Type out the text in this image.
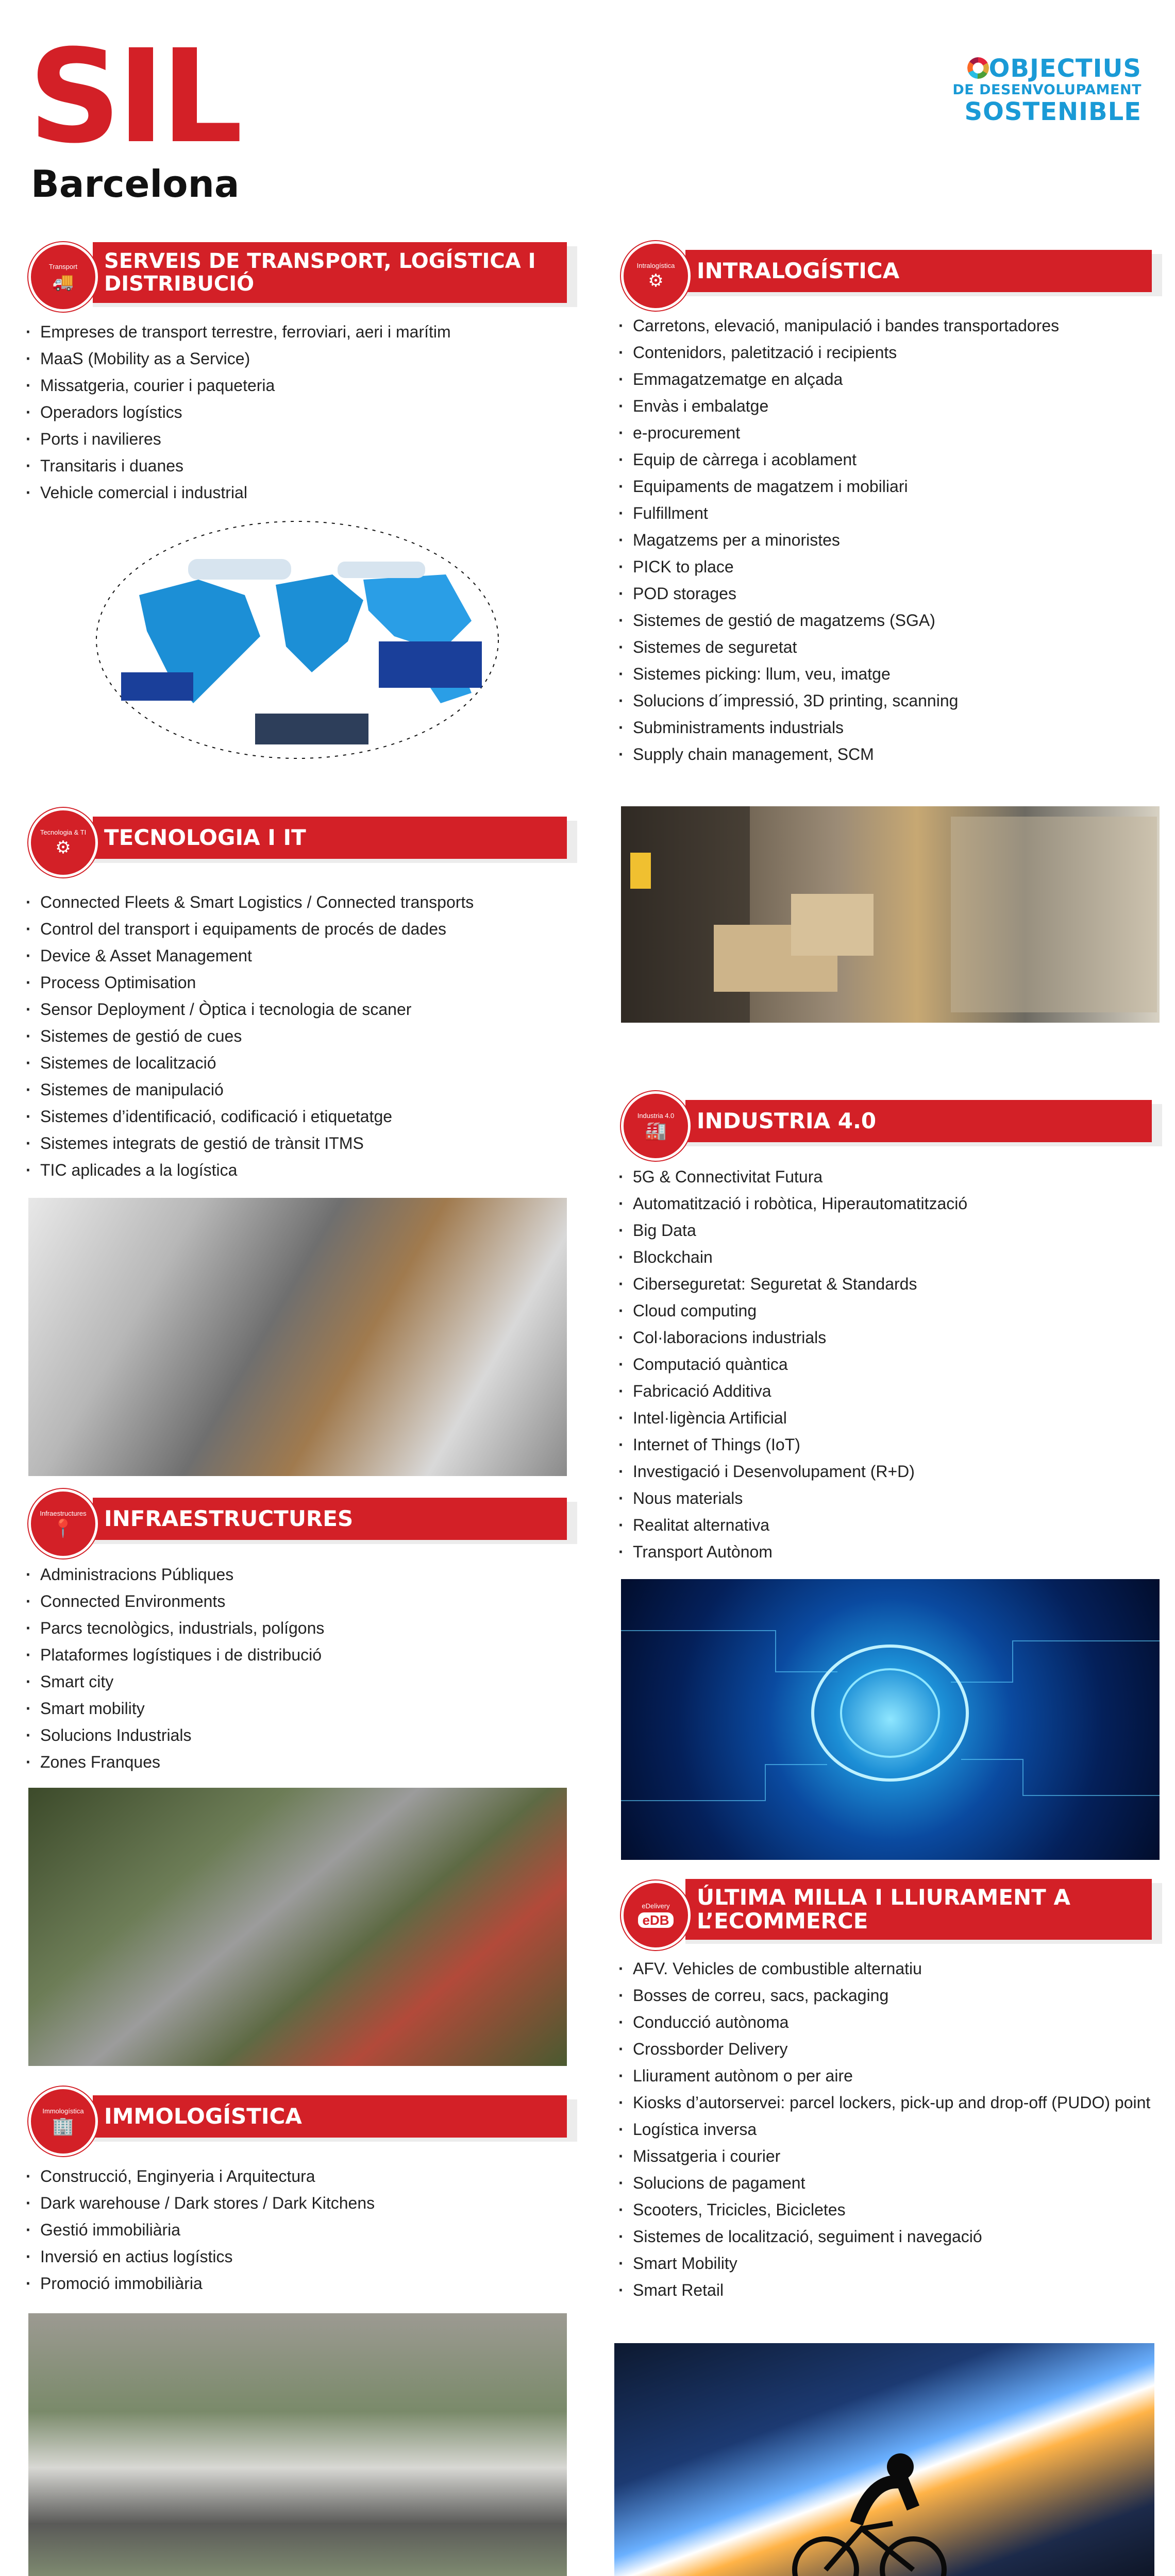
SIL
Barcelona
OBJECTIUS
DE DESENVOLUPAMENT
SOSTENIBLE
Transport
🚚
SERVEIS DE TRANSPORT, LOGÍSTICA I DISTRIBUCIÓ
· Empreses de transport terrestre, ferroviari, aeri i marítim
· MaaS (Mobility as a Service)
· Missatgeria, courier i paqueteria
· Operadors logístics
· Ports i navilieres
· Transitaris i duanes
· Vehicle comercial i industrial
Tecnologia & TI
⚙	TECNOLOGIA I IT
· Connected Fleets & Smart Logistics / Connected transports
· Control del transport i equipaments de procés de dades
· Device & Asset Management
· Process Optimisation
· Sensor Deployment / Òptica i tecnologia de scaner
· Sistemes de gestió de cues
· Sistemes de localització
· Sistemes de manipulació
· Sistemes d’identificació, codificació i etiquetatge
· Sistemes integrats de gestió de trànsit ITMS
· TIC aplicades a la logística
Infraestructures
📍	INFRAESTRUCTURES
· Administracions Públiques
· Connected Environments
· Parcs tecnològics, industrials, polígons
· Plataformes logístiques i de distribució
· Smart city
· Smart mobility
· Solucions Industrials
· Zones Franques
Immologística
🏢	IMMOLOGÍSTICA
· Construcció, Enginyeria i Arquitectura
· Dark warehouse / Dark stores / Dark Kitchens
· Gestió immobiliària
· Inversió en actius logístics
· Promoció immobiliària
Intralogística
⚙	INTRALOGÍSTICA
· Carretons, elevació, manipulació i bandes transportadores
· Contenidors, paletització i recipients
· Emmagatzematge en alçada
· Envàs i embalatge
· e-procurement
· Equip de càrrega i acoblament
· Equipaments de magatzem i mobiliari
· Fulfillment
· Magatzems per a minoristes
· PICK to place
· POD storages
· Sistemes de gestió de magatzems (SGA)
· Sistemes de seguretat
· Sistemes picking: llum, veu, imatge
· Solucions d´impressió, 3D printing, scanning
· Subministraments industrials
· Supply chain management, SCM
Industria 4.0
🏭	INDUSTRIA 4.0
· 5G & Connectivitat Futura
· Automatització i robòtica, Hiperautomatització
· Big Data
· Blockchain
· Ciberseguretat: Seguretat & Standards
· Cloud computing
· Col·laboracions industrials
· Computació quàntica
· Fabricació Additiva
· Intel·ligència Artificial
· Internet of Things (IoT)
· Investigació i Desenvolupament (R+D)
· Nous materials
· Realitat alternativa
· Transport Autònom
eDelivery
eDB
ÚLTIMA MILLA I LLIURAMENT A L’ECOMMERCE
· AFV. Vehicles de combustible alternatiu
· Bosses de correu, sacs, packaging
· Conducció autònoma
· Crossborder Delivery
· Lliurament autònom o per aire
· Kiosks d’autorservei: parcel lockers, pick-up and drop-off (PUDO) point
· Logística inversa
· Missatgeria i courier
· Solucions de pagament
· Scooters, Tricicles, Bicicletes
· Sistemes de localització, seguiment i navegació
· Smart Mobility
· Smart Retail
